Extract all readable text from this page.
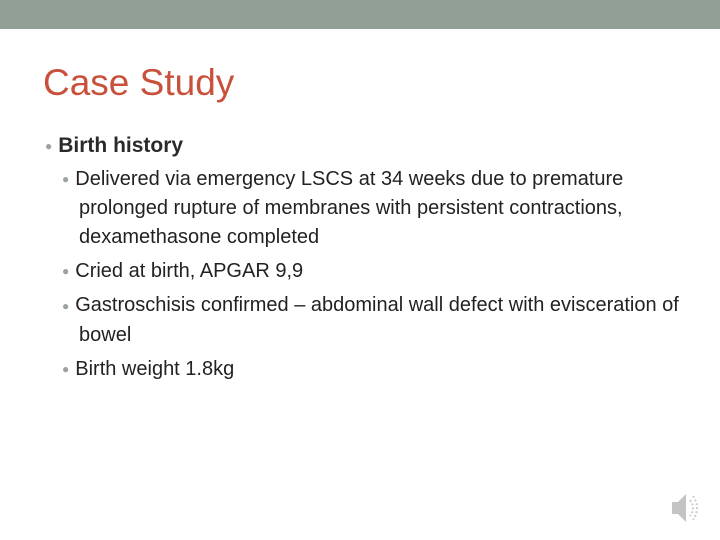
Case Study
● Birth history
● Delivered via emergency LSCS at 34 weeks due to premature prolonged rupture of membranes with persistent contractions, dexamethasone completed
● Cried at birth, APGAR 9,9
● Gastroschisis confirmed – abdominal wall defect with evisceration of bowel
● Birth weight 1.8kg
